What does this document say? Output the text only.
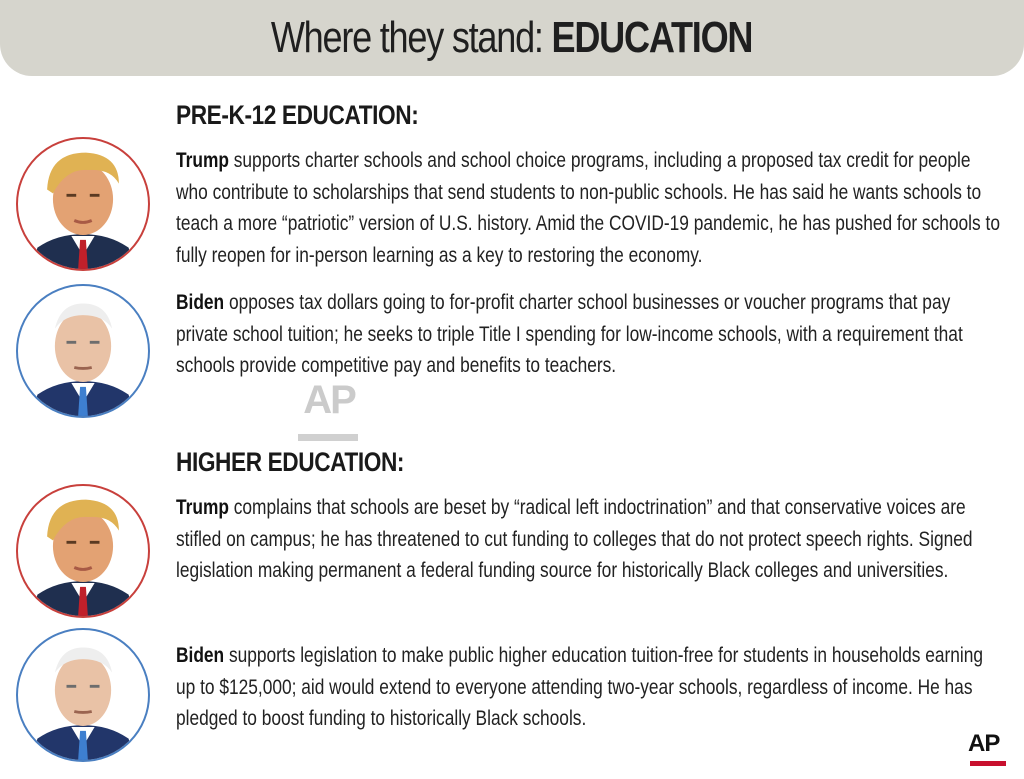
Where they stand: EDUCATION
AP
PRE-K-12 EDUCATION:
Trump supports charter schools and school choice programs, including a proposed tax credit for people who contribute to scholarships that send students to non-public schools. He has said he wants schools to teach a more “patriotic” version of U.S. history. Amid the COVID-19 pandemic, he has pushed for schools to fully reopen for in-person learning as a key to restoring the economy.
Biden opposes tax dollars going to for-profit charter school businesses or voucher programs that pay private school tuition; he seeks to triple Title I spending for low-income schools, with a requirement that schools provide competitive pay and benefits to teachers.
HIGHER EDUCATION:
Trump complains that schools are beset by “radical left indoctrination” and that conservative voices are stifled on campus; he has threatened to cut funding to colleges that do not protect speech rights. Signed legislation making permanent a federal funding source for historically Black colleges and universities.
Biden supports legislation to make public higher education tuition-free for students in households earning up to $125,000; aid would extend to everyone attending two-year schools, regardless of income. He has pledged to boost funding to historically Black schools.
AP
